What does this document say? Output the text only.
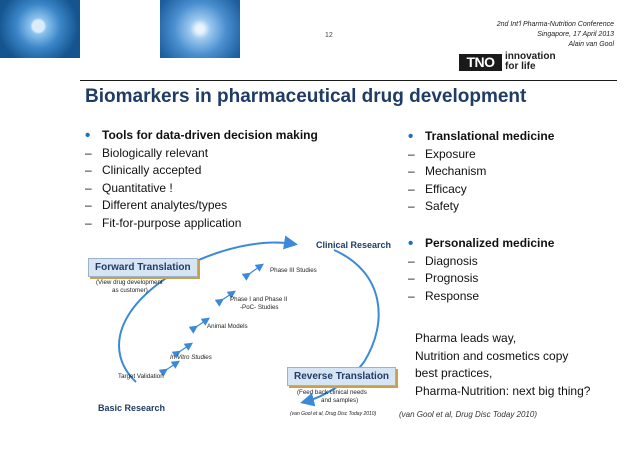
12
2nd Int'l Pharma-Nutrition Conference
Singapore, 17 April 2013
Alain van Gool
TNO	innovation
for life
Biomarkers in pharmaceutical drug development
• Tools for data-driven decision making
– Biologically relevant
– Clinically accepted
– Quantitative !
– Different analytes/types
– Fit-for-purpose application
• Translational medicine
– Exposure
– Mechanism
– Efficacy
– Safety
• Personalized medicine
– Diagnosis
– Prognosis
– Response
Pharma leads way,
Nutrition and cosmetics copy
best practices,
Pharma-Nutrition: next big thing?
(van Gool et al, Drug Disc Today 2010)
Forward Translation
(View drug development
as customer)
Clinical Research
Phase III Studies
Phase I and Phase II
-PoC- Studies
Animal Models
In Vitro Studies
Target Validation	Reverse Translation
(Feed back clinical needs
and samples)
Basic Research
(van Gool et al, Drug Disc Today 2010)
